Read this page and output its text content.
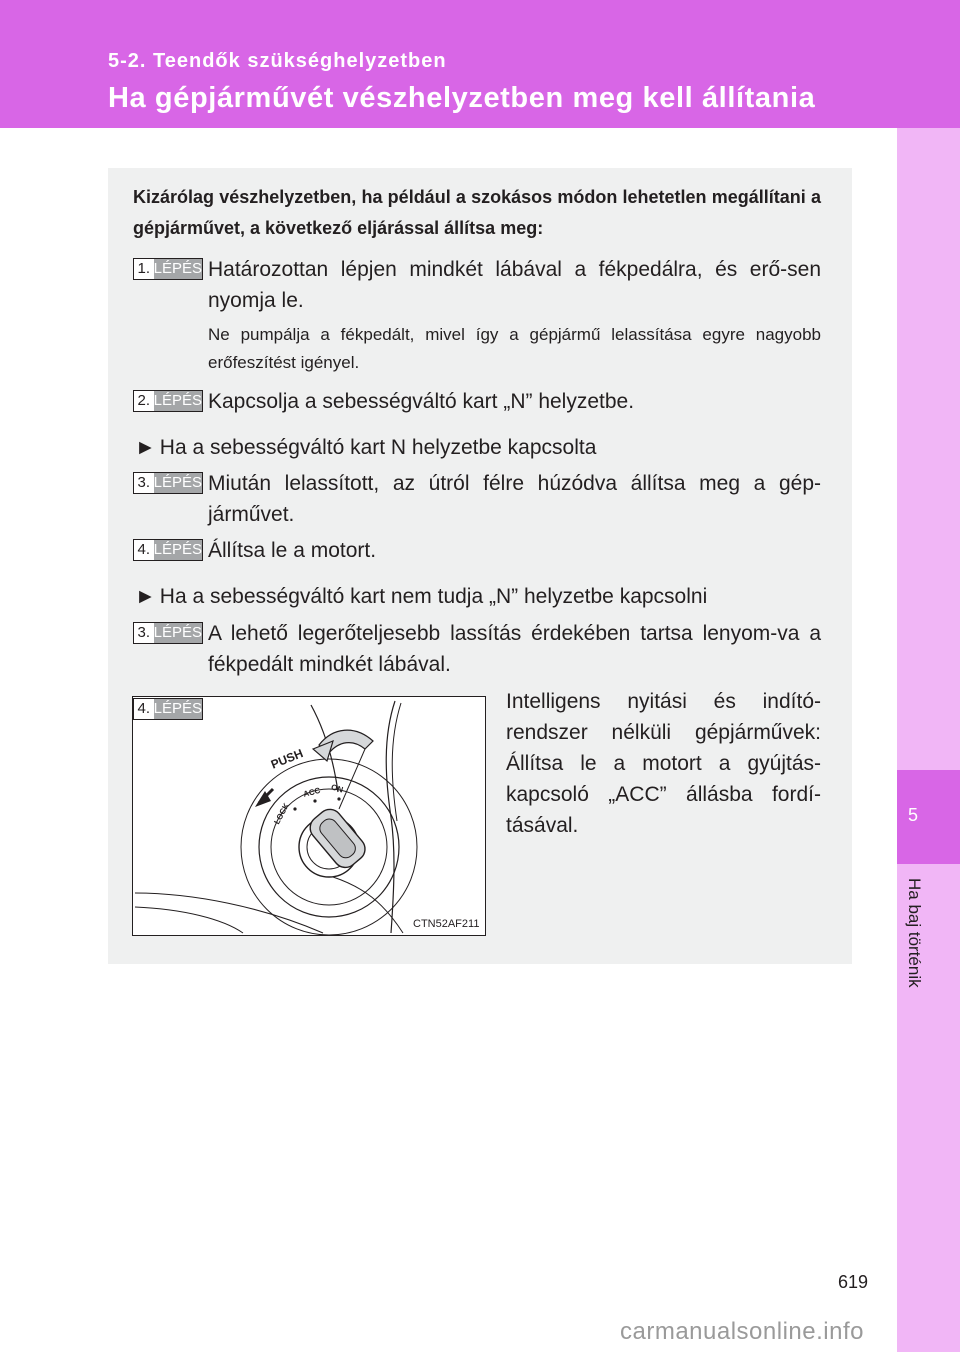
5-2. Teendők szükséghelyzetben
Ha gépjárművét vészhelyzetben meg kell állítania
5
Ha baj történik
Kizárólag vészhelyzetben, ha például a szokásos módon lehetetlen megállítani a gépjárművet, a következő eljárással állítsa meg:
1. LÉPÉS Határozottan lépjen mindkét lábával a fékpedálra, és erő-sen nyomja le.
Ne pumpálja a fékpedált, mivel így a gépjármű lelassítása egyre nagyobb erőfeszítést igényel.
2. LÉPÉS Kapcsolja a sebességváltó kart „N” helyzetbe.
► Ha a sebességváltó kart N helyzetbe kapcsolta
3. LÉPÉS Miután lelassított, az útról félre húzódva állítsa meg a gép-járművet.
4. LÉPÉS Állítsa le a motort.
► Ha a sebességváltó kart nem tudja „N” helyzetbe kapcsolni
3. LÉPÉS A lehető legerőteljesebb lassítás érdekében tartsa lenyom-va a fékpedált mindkét lábával.
PUSH
LOCK
ACC ON
CTN52AF211
4. LÉPÉS	Intelligens nyitási és indító-rendszer nélküli gépjárművek: Állítsa le a motort a gyújtás-kapcsoló „ACC” állásba fordí-tásával.
619
carmanualsonline.info
